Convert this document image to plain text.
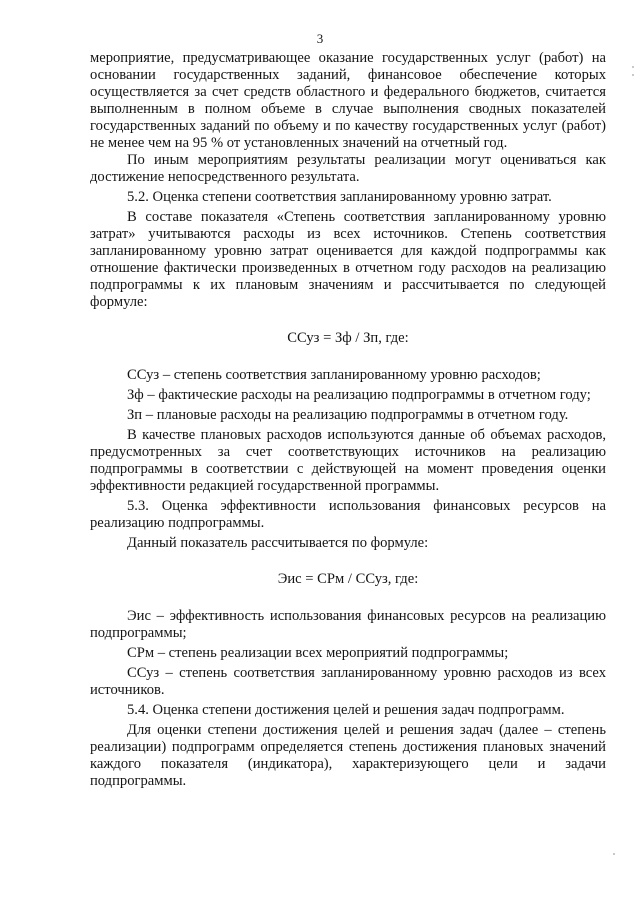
3

мероприятие, предусматривающее оказание государственных услуг (работ) на основании государственных заданий, финансовое обеспечение которых осуществляется за счет средств областного и федерального бюджетов, считается выполненным в полном объеме в случае выполнения сводных показателей государственных заданий по объему и по качеству государственных услуг (работ) не менее чем на 95 % от установленных значений на отчетный год.

По иным мероприятиям результаты реализации могут оцениваться как достижение непосредственного результата.

5.2. Оценка степени соответствия запланированному уровню затрат.

В составе показателя «Степень соответствия запланированному уровню затрат» учитываются расходы из всех источников. Степень соответствия запланированному уровню затрат оценивается для каждой подпрограммы как отношение фактически произведенных в отчетном году расходов на реализацию подпрограммы к их плановым значениям и рассчитывается по следующей формуле:

ССуз = Зф / Зп, где:

ССуз – степень соответствия запланированному уровню расходов;

Зф – фактические расходы на реализацию подпрограммы в отчетном году;

Зп – плановые расходы на реализацию подпрограммы в отчетном году.

В качестве плановых расходов используются данные об объемах расходов, предусмотренных за счет соответствующих источников на реализацию подпрограммы в соответствии с действующей на момент проведения оценки эффективности редакцией государственной программы.

5.3. Оценка эффективности использования финансовых ресурсов на реализацию подпрограммы.

Данный показатель рассчитывается по формуле:

Эис = СРм / ССуз, где:

Эис – эффективность использования финансовых ресурсов на реализацию подпрограммы;

СРм – степень реализации всех мероприятий подпрограммы;

ССуз – степень соответствия запланированному уровню расходов из всех источников.

5.4. Оценка степени достижения целей и решения задач подпрограмм.

Для оценки степени достижения целей и решения задач (далее – степень реализации) подпрограмм определяется степень достижения плановых значений каждого показателя (индикатора), характеризующего цели и задачи подпрограммы.
